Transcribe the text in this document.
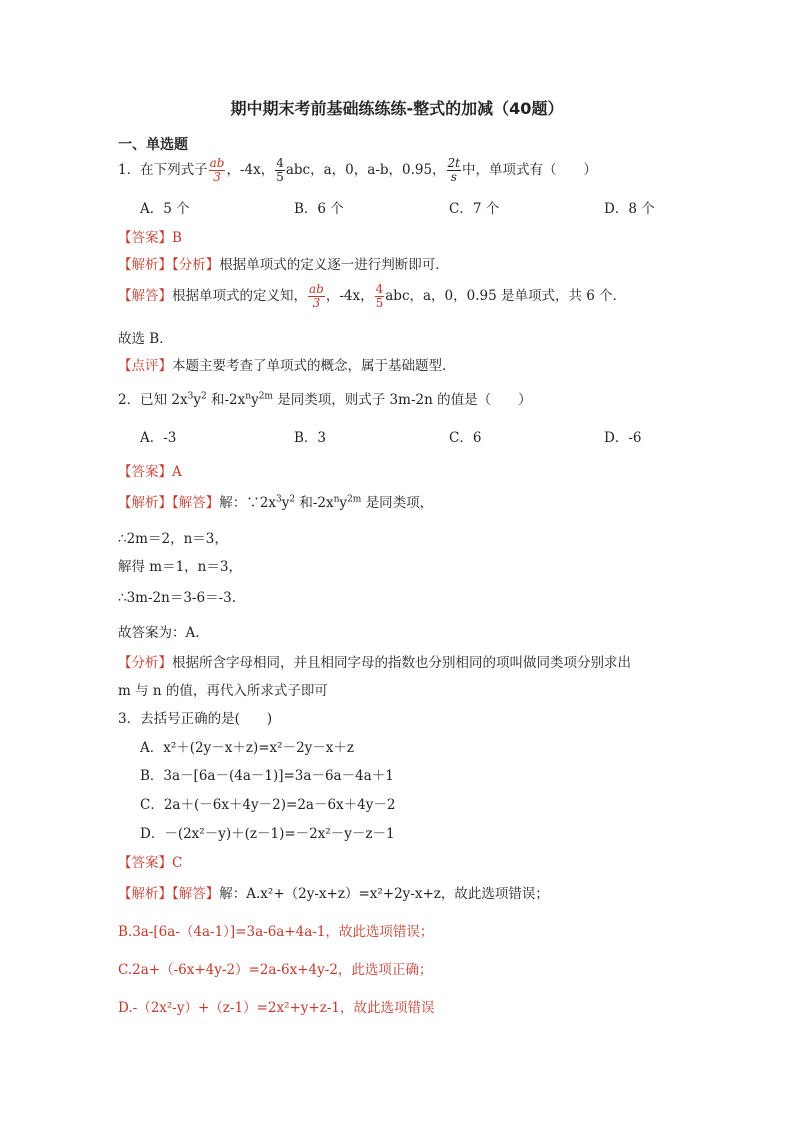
期中期末考前基础练练练-整式的加减（40题）
一、单选题
1．在下列式子 $\frac{ab}{3}$ ，-4x， $\frac{4}{5}$ abc，a，0，a-b，0.95， $\frac{2t}{s}$ 中，单项式有（　　）
A．5 个	B．6 个	C．7 个	D．8 个
【答案】B
【解析】【分析】根据单项式的定义逐一进行判断即可．
【解答】根据单项式的定义知， $\frac{ab}{3}$ ，-4x， $\frac{4}{5}$ abc，a，0，0.95 是单项式，共 6 个．
故选 B．
【点评】本题主要考查了单项式的概念，属于基础题型．
2．已知 $2x^3y^2$ 和$-2x^ny^{2m}$ 是同类项，则式子 3m-2n 的值是（　　）
A．-3	B．3	C．6	D．-6
【答案】A
【解析】【解答】解：$\because 2x^3y^2$ 和$-2x^ny^{2m}$ 是同类项，
∴2m＝2，n＝3，
解得 m＝1，n＝3，
∴3m-2n＝3-6＝-3.
故答案为：A.
【分析】根据所含字母相同，并且相同字母的指数也分别相同的项叫做同类项分别求出
m 与 n 的值，再代入所求式子即可
3．去括号正确的是(　　)
A．x²＋(2y－x＋z)=x²－2y－x＋z
B．3a－[6a－(4a－1)]=3a－6a－4a＋1
C．2a＋(－6x＋4y－2)=2a－6x＋4y－2
D．－(2x²－y)＋(z－1)=－2x²－y－z－1
【答案】C
【解析】【解答】解：A.x²+（2y-x+z）=x²+2y-x+z，故此选项错误；
B.3a-[6a-（4a-1）]=3a-6a+4a-1，故此选项错误；
C.2a+（-6x+4y-2）=2a-6x+4y-2，此选项正确；
D.-（2x²-y）+（z-1）=2x²+y+z-1，故此选项错误
